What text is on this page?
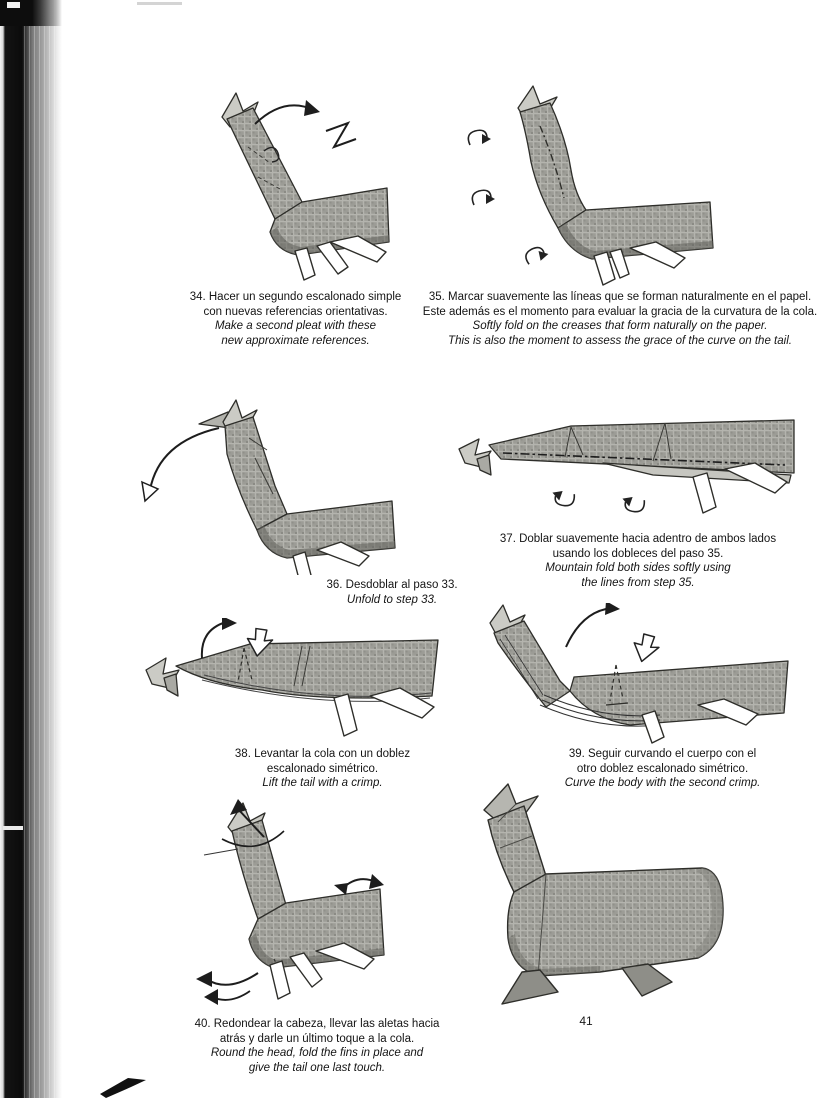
34. Hacer un segundo escalonado simple
con nuevas referencias orientativas.
Make a second pleat with these
new approximate references.
35. Marcar suavemente las líneas que se forman naturalmente en el papel.
Este además es el momento para evaluar la gracia de la curvatura de la cola.
Softly fold on the creases that form naturally on the paper.
This is also the moment to assess the grace of the curve on the tail.
36. Desdoblar al paso 33.
Unfold to step 33.
37. Doblar suavemente hacia adentro de ambos lados
usando los dobleces del paso 35.
Mountain fold both sides softly using
the lines from step 35.
38. Levantar la cola con un doblez
escalonado simétrico.
Lift the tail with a crimp.
39. Seguir curvando el cuerpo con el
otro doblez escalonado simétrico.
Curve the body with the second crimp.
40. Redondear la cabeza, llevar las aletas hacia
atrás y darle un último toque a la cola.
Round the head, fold the fins in place and
give the tail one last touch.
41
